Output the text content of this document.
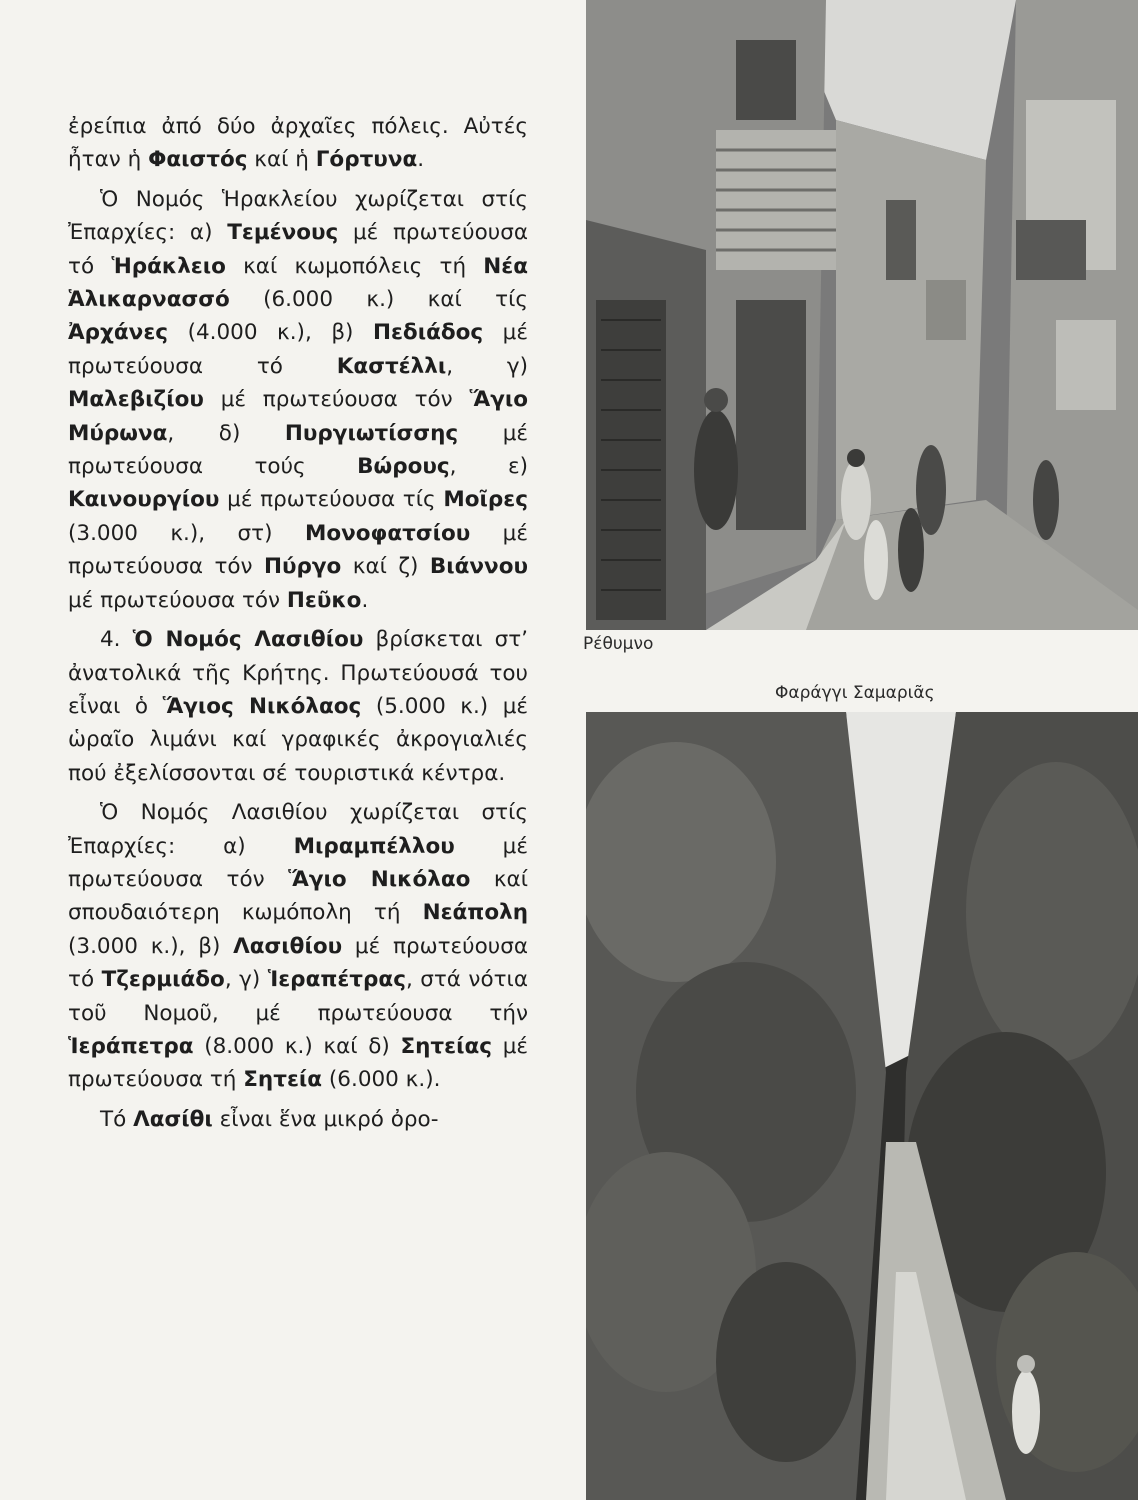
ἐρείπια ἀπό δύο ἀρχαῖες πόλεις. Αὐτές ἦταν ἡ Φαιστός καί ἡ Γόρτυνα.

Ὁ Νομός Ἡρακλείου χωρίζεται στίς Ἐπαρχίες: α) Τεμένους μέ πρωτεύουσα τό Ἡράκλειο καί κωμοπόλεις τή Νέα Ἁλικαρνασσό (6.000 κ.) καί τίς Ἀρχάνες (4.000 κ.), β) Πεδιάδος μέ πρωτεύουσα τό Καστέλλι, γ) Μαλεβιζίου μέ πρωτεύουσα τόν Ἅγιο Μύρωνα, δ) Πυργιωτίσσης μέ πρωτεύουσα τούς Βώρους, ε) Καινουργίου μέ πρωτεύουσα τίς Μοῖρες (3.000 κ.), στ) Μονοφατσίου μέ πρωτεύουσα τόν Πύργο καί ζ) Βιάννου μέ πρωτεύουσα τόν Πεῦκο.

4. Ὁ Νομός Λασιθίου βρίσκεται στ’ ἀνατολικά τῆς Κρήτης. Πρωτεύουσά του εἶναι ὁ Ἅγιος Νικόλαος (5.000 κ.) μέ ὡραῖο λιμάνι καί γραφικές ἀκρογιαλιές πού ἐξελίσσονται σέ τουριστικά κέντρα.

Ὁ Νομός Λασιθίου χωρίζεται στίς Ἐπαρχίες: α) Μιραμπέλλου μέ πρωτεύουσα τόν Ἅγιο Νικόλαο καί σπουδαιότερη κωμόπολη τή Νεάπολη (3.000 κ.), β) Λασιθίου μέ πρωτεύουσα τό Τζερμιάδο, γ) Ἱεραπέτρας, στά νότια τοῦ Νομοῦ, μέ πρωτεύουσα τήν Ἱεράπετρα (8.000 κ.) καί δ) Σητείας μέ πρωτεύουσα τή Σητεία (6.000 κ.).

Τό Λασίθι εἶναι ἕνα μικρό ὀρο-

Ρέθυμνο
Φαράγγι Σαμαριᾶς
